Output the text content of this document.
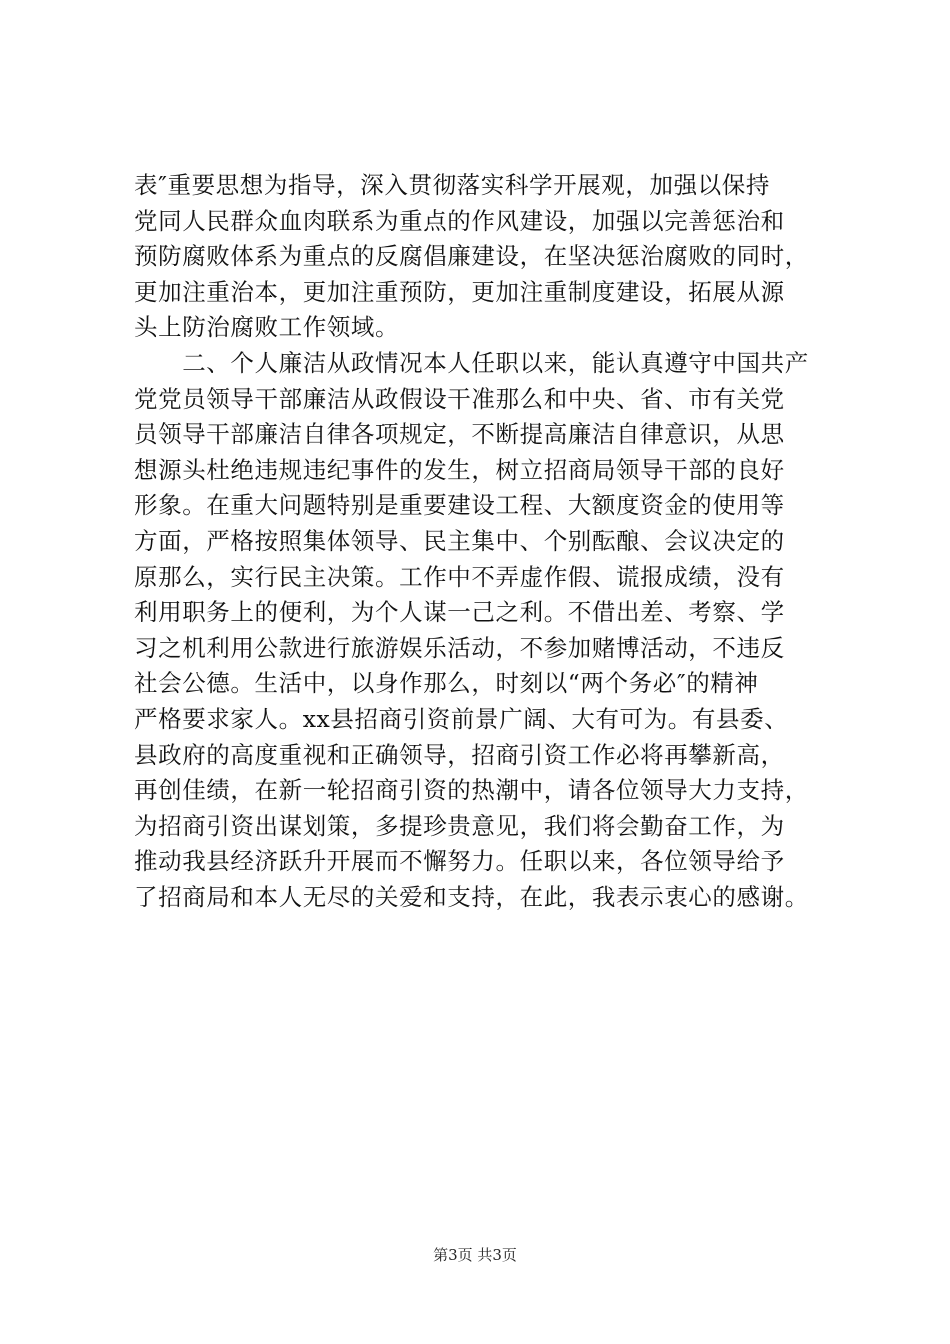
表″重要思想为指导，深入贯彻落实科学开展观，加强以保持
党同人民群众血肉联系为重点的作风建设，加强以完善惩治和
预防腐败体系为重点的反腐倡廉建设，在坚决惩治腐败的同时，
更加注重治本，更加注重预防，更加注重制度建设，拓展从源
头上防治腐败工作领域。
　　二、个人廉洁从政情况本人任职以来，能认真遵守中国共产
党党员领导干部廉洁从政假设干准那么和中央、省、市有关党
员领导干部廉洁自律各项规定，不断提高廉洁自律意识，从思
想源头杜绝违规违纪事件的发生，树立招商局领导干部的良好
形象。在重大问题特别是重要建设工程、大额度资金的使用等
方面，严格按照集体领导、民主集中、个别酝酿、会议决定的
原那么，实行民主决策。工作中不弄虚作假、谎报成绩，没有
利用职务上的便利，为个人谋一己之利。不借出差、考察、学
习之机利用公款进行旅游娱乐活动，不参加赌博活动，不违反
社会公德。生活中，以身作那么，时刻以“两个务必″的精神
严格要求家人。xx县招商引资前景广阔、大有可为。有县委、
县政府的高度重视和正确领导，招商引资工作必将再攀新高，
再创佳绩，在新一轮招商引资的热潮中，请各位领导大力支持，
为招商引资出谋划策，多提珍贵意见，我们将会勤奋工作，为
推动我县经济跃升开展而不懈努力。任职以来，各位领导给予
了招商局和本人无尽的关爱和支持，在此，我表示衷心的感谢。
第3页 共3页
